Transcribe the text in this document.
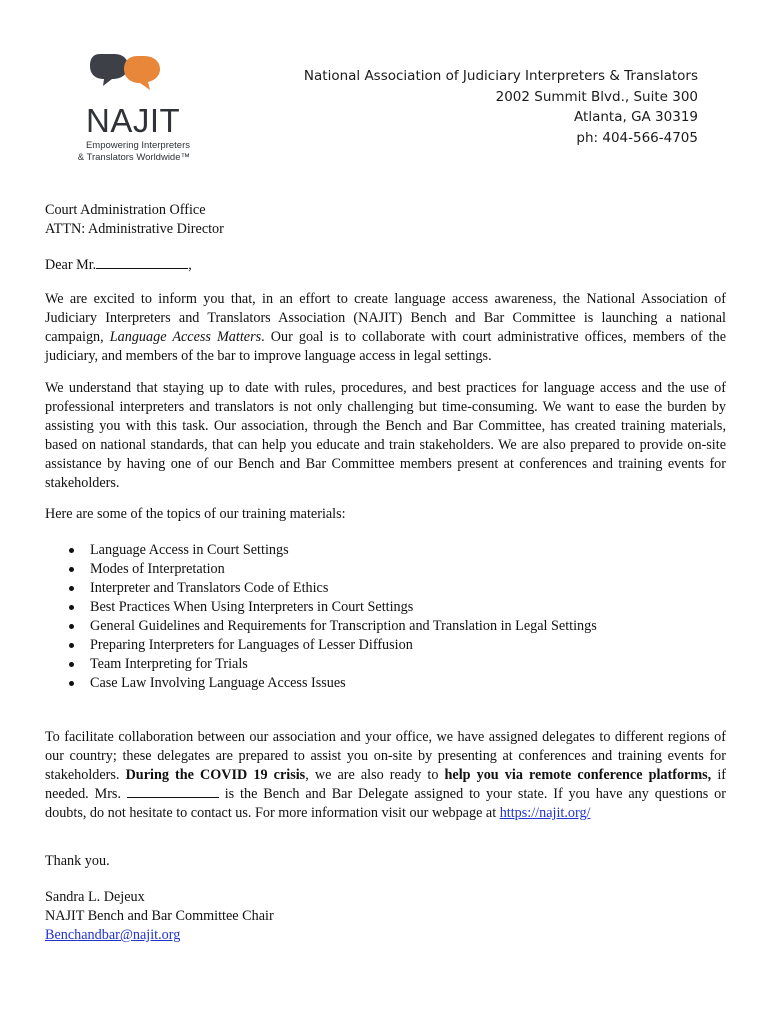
NAJIT
Empowering Interpreters
& Translators Worldwide™
National Association of Judiciary Interpreters & Translators
2002 Summit Blvd., Suite 300
Atlanta, GA 30319
ph: 404-566-4705
Court Administration Office
ATTN: Administrative Director
Dear Mr.	,

We are excited to inform you that, in an effort to create language access awareness, the National Association of Judiciary Interpreters and Translators Association (NAJIT) Bench and Bar Committee is launching a national campaign, Language Access Matters. Our goal is to collaborate with court administrative offices, members of the judiciary, and members of the bar to improve language access in legal settings.

We understand that staying up to date with rules, procedures, and best practices for language access and the use of professional interpreters and translators is not only challenging but time-consuming. We want to ease the burden by assisting you with this task. Our association, through the Bench and Bar Committee, has created training materials, based on national standards, that can help you educate and train stakeholders. We are also prepared to provide on-site assistance by having one of our Bench and Bar Committee members present at conferences and training events for stakeholders.

Here are some of the topics of our training materials:
Language Access in Court Settings
Modes of Interpretation
Interpreter and Translators Code of Ethics
Best Practices When Using Interpreters in Court Settings
General Guidelines and Requirements for Transcription and Translation in Legal Settings
Preparing Interpreters for Languages of Lesser Diffusion
Team Interpreting for Trials
Case Law Involving Language Access Issues

To facilitate collaboration between our association and your office, we have assigned delegates to different regions of our country; these delegates are prepared to assist you on-site by presenting at conferences and training events for stakeholders. During the COVID 19 crisis, we are also ready to help you via remote conference platforms, if needed. Mrs.	is the Bench and Bar Delegate assigned to your state. If you have any questions or doubts, do not hesitate to contact us. For more information visit our webpage at https://najit.org/

Thank you.
Sandra L. Dejeux
NAJIT Bench and Bar Committee Chair
Benchandbar@najit.org
